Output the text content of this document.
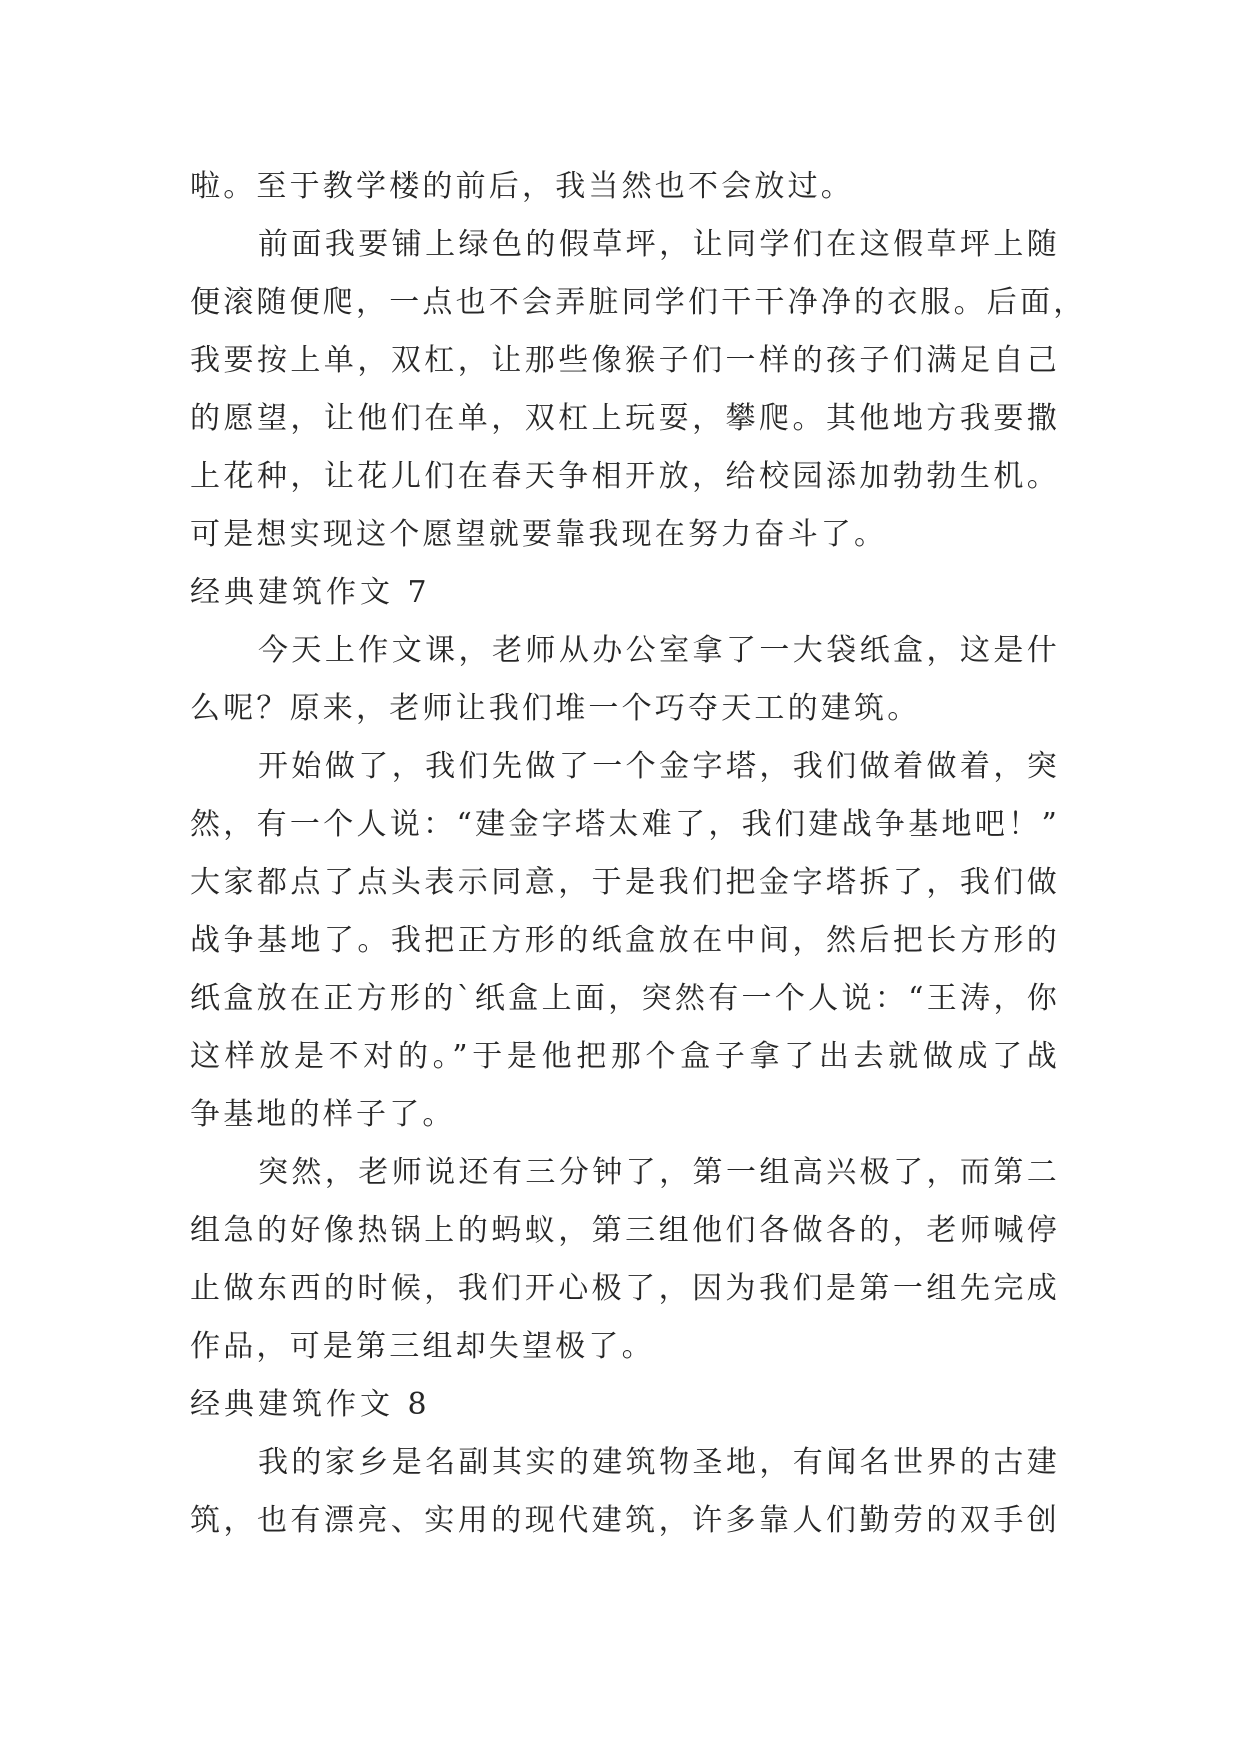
啦。至于教学楼的前后，我当然也不会放过。
前面我要铺上绿色的假草坪，让同学们在这假草坪上随
便滚随便爬，一点也不会弄脏同学们干干净净的衣服。后面，
我要按上单，双杠，让那些像猴子们一样的孩子们满足自己
的愿望，让他们在单，双杠上玩耍，攀爬。其他地方我要撒
上花种，让花儿们在春天争相开放，给校园添加勃勃生机。
可是想实现这个愿望就要靠我现在努力奋斗了。
经典建筑作文 7
今天上作文课，老师从办公室拿了一大袋纸盒，这是什
么呢？原来，老师让我们堆一个巧夺天工的建筑。
开始做了，我们先做了一个金字塔，我们做着做着，突
然，有一个人说：“建金字塔太难了，我们建战争基地吧！”
大家都点了点头表示同意，于是我们把金字塔拆了，我们做
战争基地了。我把正方形的纸盒放在中间，然后把长方形的
纸盒放在正方形的`纸盒上面，突然有一个人说：“王涛，你
这样放是不对的。”于是他把那个盒子拿了出去就做成了战
争基地的样子了。
突然，老师说还有三分钟了，第一组高兴极了，而第二
组急的好像热锅上的蚂蚁，第三组他们各做各的，老师喊停
止做东西的时候，我们开心极了，因为我们是第一组先完成
作品，可是第三组却失望极了。
经典建筑作文 8
我的家乡是名副其实的建筑物圣地，有闻名世界的古建
筑，也有漂亮、实用的现代建筑，许多靠人们勤劳的双手创
